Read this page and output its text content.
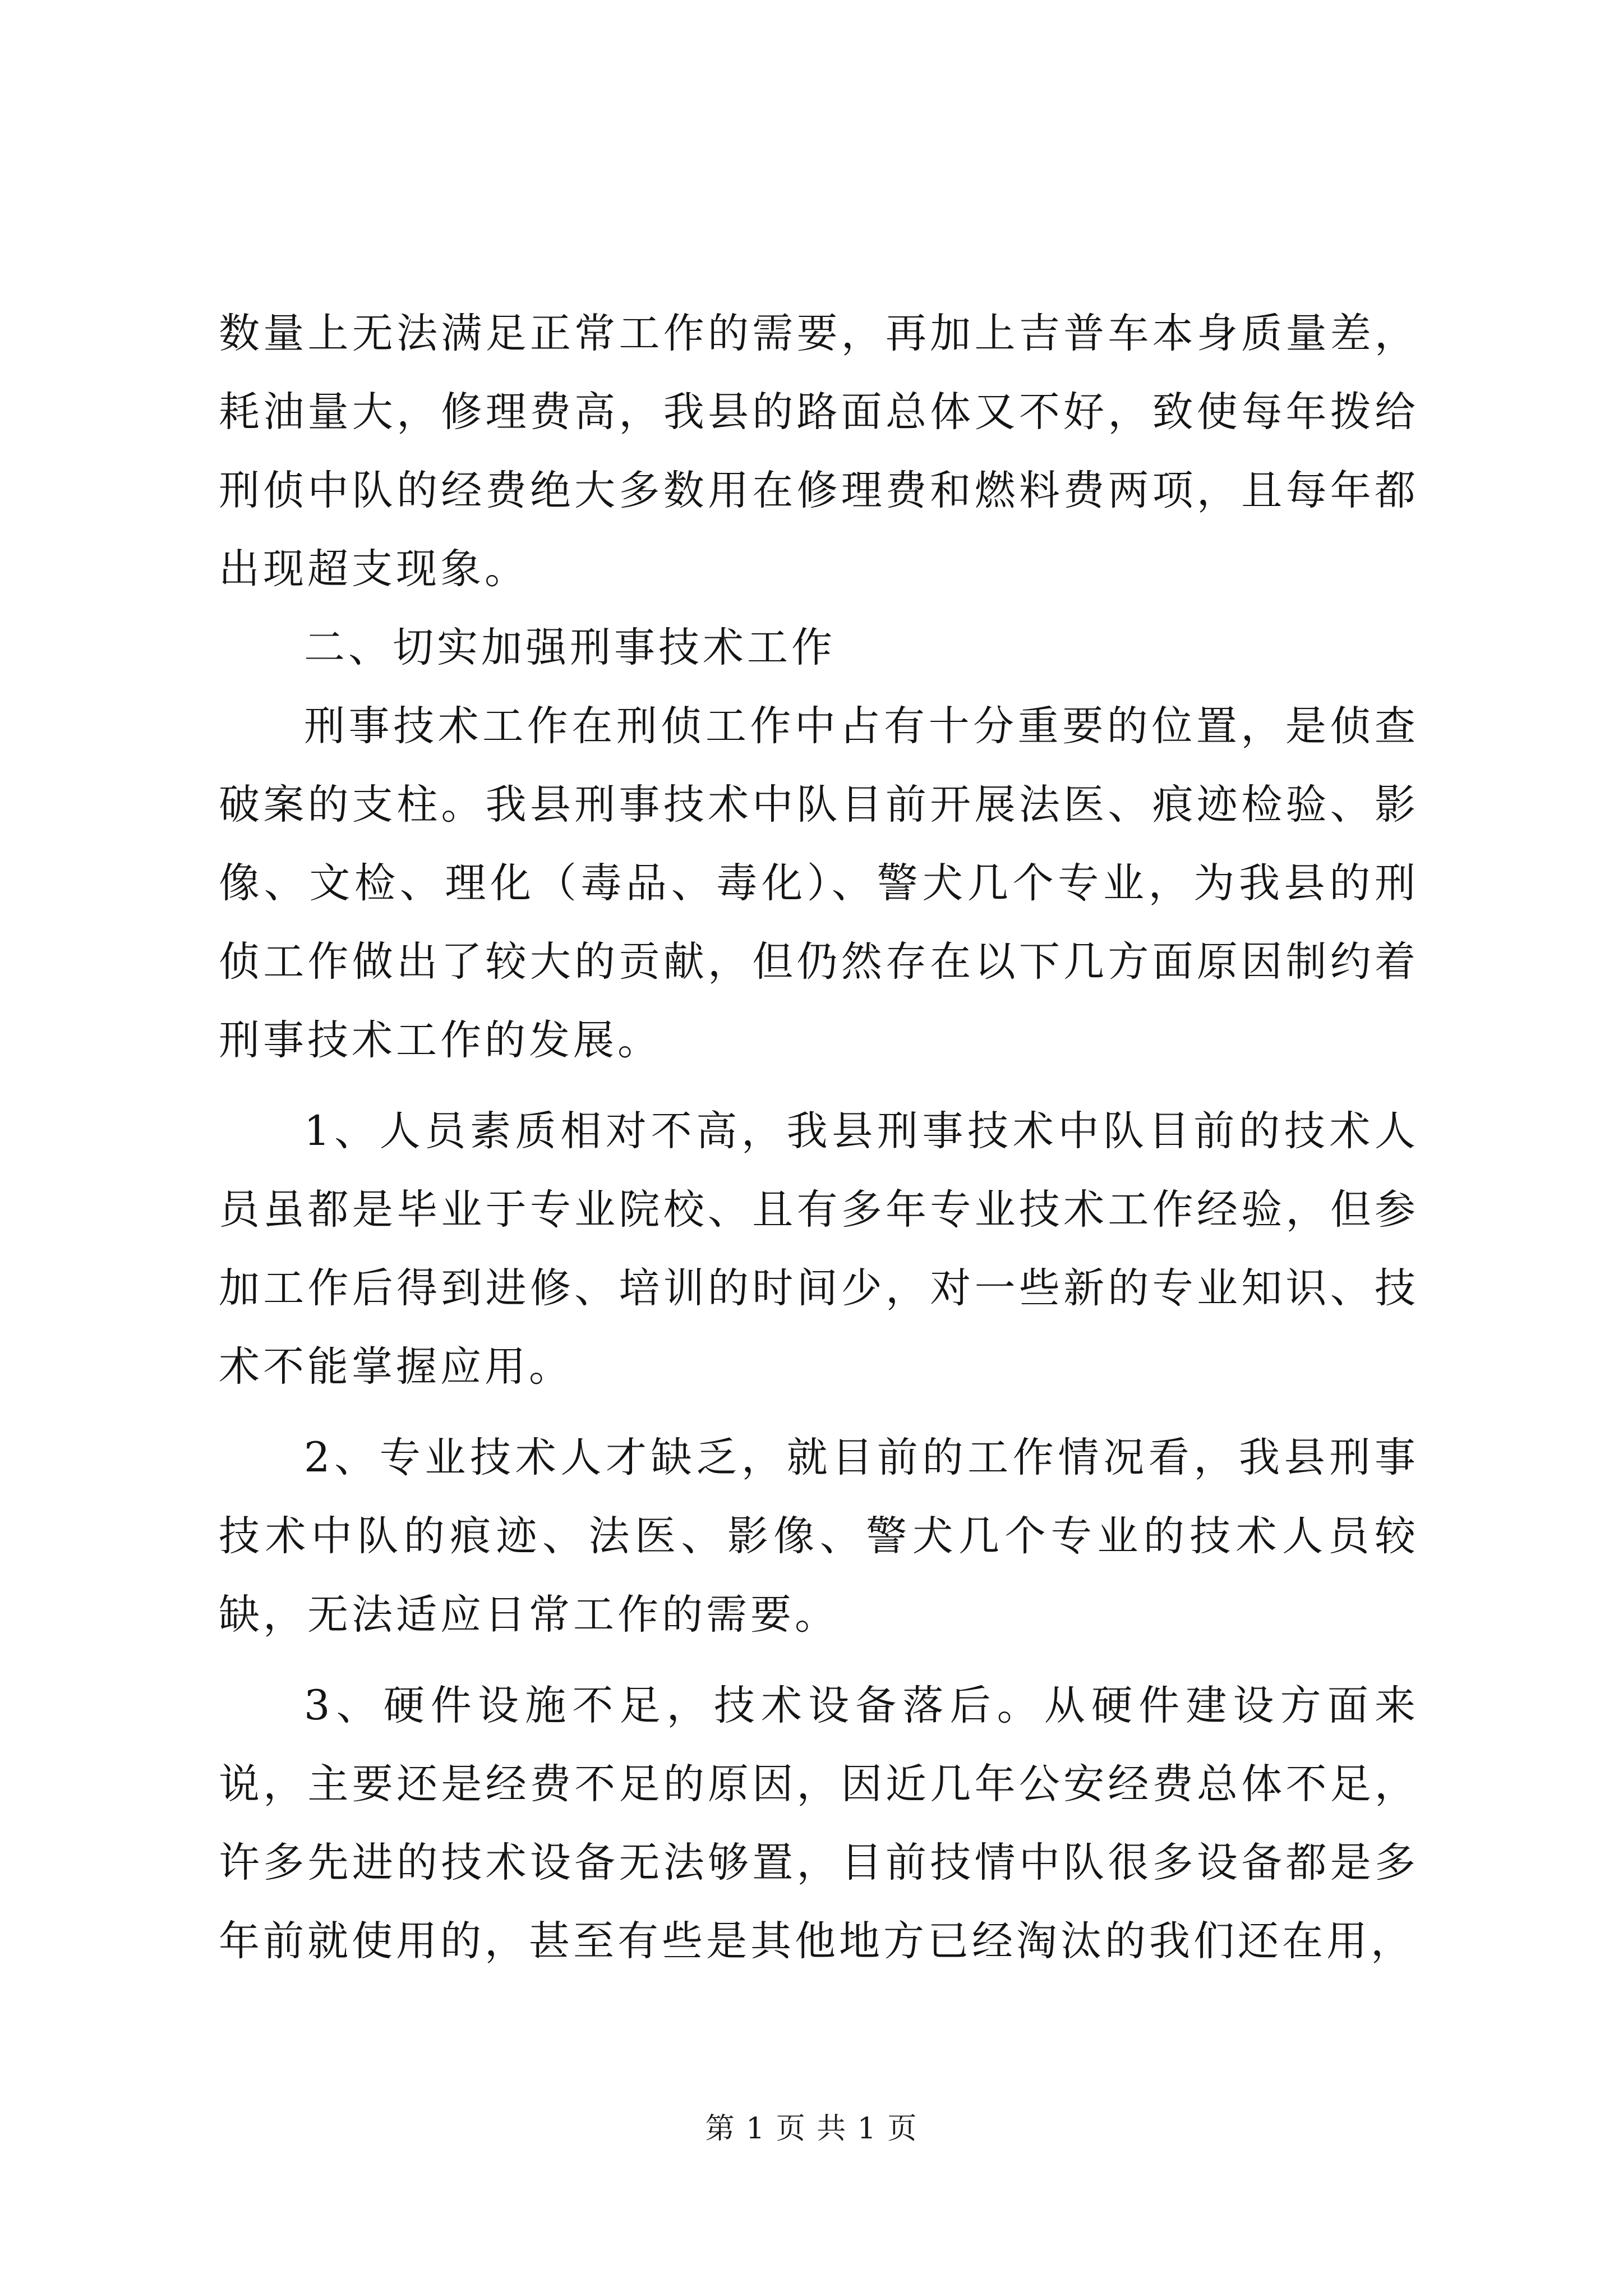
数量上无法满足正常工作的需要，再加上吉普车本身质量差，耗油量大，修理费高，我县的路面总体又不好，致使每年拨给刑侦中队的经费绝大多数用在修理费和燃料费两项，且每年都出现超支现象。

二、切实加强刑事技术工作

刑事技术工作在刑侦工作中占有十分重要的位置，是侦查破案的支柱。我县刑事技术中队目前开展法医、痕迹检验、影像、文检、理化（毒品、毒化）、警犬几个专业，为我县的刑侦工作做出了较大的贡献，但仍然存在以下几方面原因制约着刑事技术工作的发展。

1、人员素质相对不高，我县刑事技术中队目前的技术人员虽都是毕业于专业院校、且有多年专业技术工作经验，但参加工作后得到进修、培训的时间少，对一些新的专业知识、技术不能掌握应用。

2、专业技术人才缺乏，就目前的工作情况看，我县刑事技术中队的痕迹、法医、影像、警犬几个专业的技术人员较缺，无法适应日常工作的需要。

3、硬件设施不足，技术设备落后。从硬件建设方面来说，主要还是经费不足的原因，因近几年公安经费总体不足，许多先进的技术设备无法够置，目前技情中队很多设备都是多年前就使用的，甚至有些是其他地方已经淘汰的我们还在用，

第 1 页 共 1 页
